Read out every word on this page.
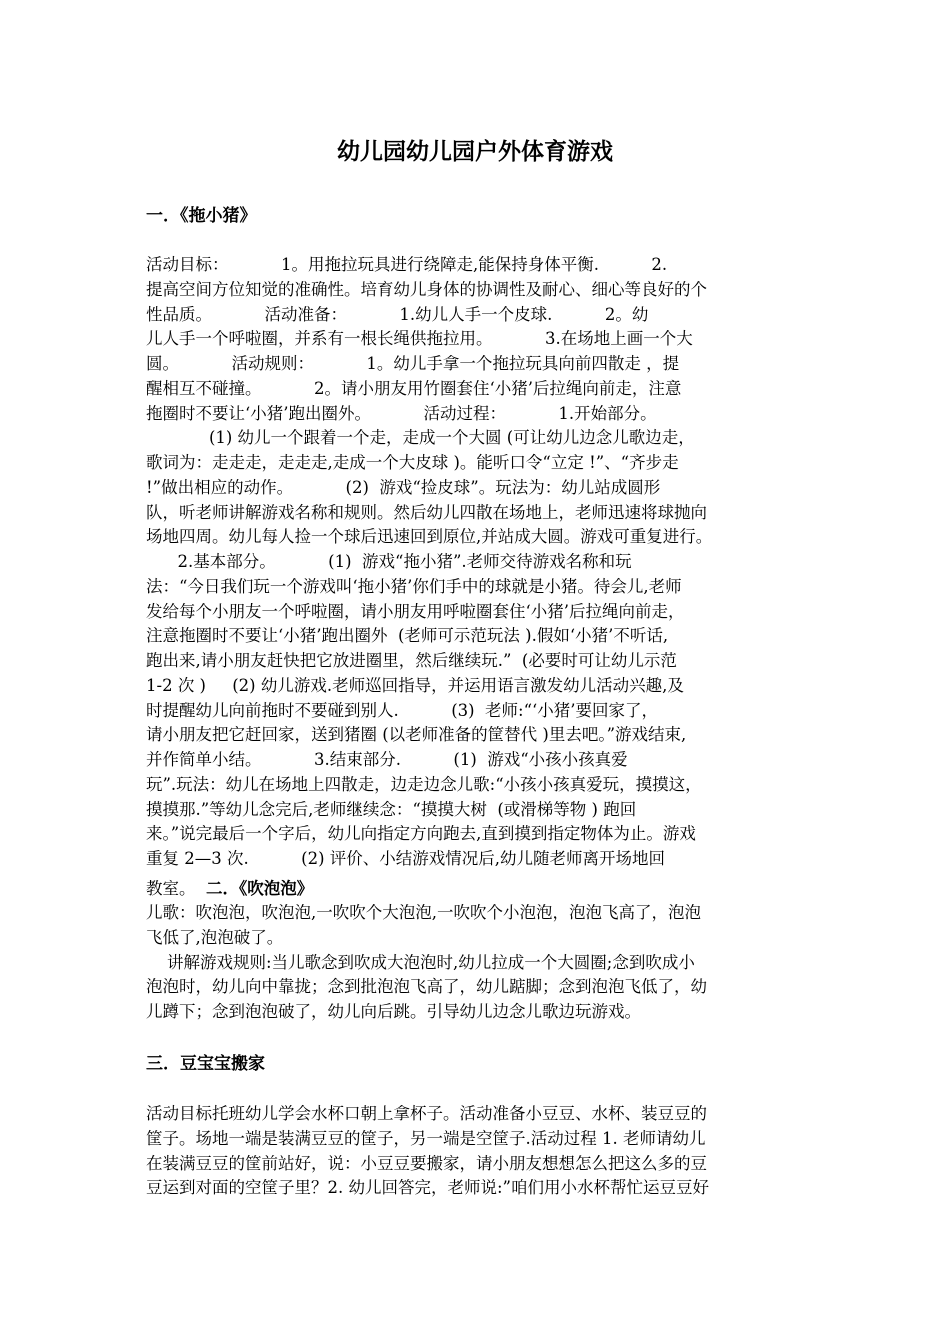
幼儿园幼儿园户外体育游戏
一．《拖小猪》
活动目标：          1。用拖拉玩具进行绕障走,能保持身体平衡.          2.
提高空间方位知觉的准确性。培育幼儿身体的协调性及耐心、细心等良好的个
性品质。          活动准备：          1.幼儿人手一个皮球.          2。幼
儿人手一个呼啦圈，并系有一根长绳供拖拉用。          3.在场地上画一个大
圆。          活动规则：          1。幼儿手拿一个拖拉玩具向前四散走 ，提
醒相互不碰撞。          2。请小朋友用竹圈套住‘小猪’后拉绳向前走，注意
拖圈时不要让‘小猪’跑出圈外。          活动过程：          1.开始部分。
(1) 幼儿一个跟着一个走，走成一个大圆 (可让幼儿边念儿歌边走，
歌词为：走走走，走走走,走成一个大皮球 )。能听口令“立定 !”、“齐步走
!”做出相应的动作。          (2)  游戏“捡皮球”。玩法为：幼儿站成圆形
队，听老师讲解游戏名称和规则。然后幼儿四散在场地上，老师迅速将球抛向
场地四周。幼儿每人捡一个球后迅速回到原位,并站成大圆。游戏可重复进行。
2.基本部分。          (1)  游戏“拖小猪”.老师交待游戏名称和玩
法：“今日我们玩一个游戏叫‘拖小猪’你们手中的球就是小猪。待会儿,老师
发给每个小朋友一个呼啦圈，请小朋友用呼啦圈套住‘小猪’后拉绳向前走，
注意拖圈时不要让‘小猪’跑出圈外  (老师可示范玩法 ).假如‘小猪’不听话,
跑出来,请小朋友赶快把它放进圈里，然后继续玩.”  (必要时可让幼儿示范
1-2 次 )     (2) 幼儿游戏.老师巡回指导，并运用语言激发幼儿活动兴趣,及
时提醒幼儿向前拖时不要碰到别人.          (3)  老师:“‘小猪’要回家了，
请小朋友把它赶回家，送到猪圈 (以老师准备的筐替代 )里去吧。”游戏结束,
并作简单小结。          3.结束部分.          (1)  游戏“小孩小孩真爱
玩”.玩法：幼儿在场地上四散走，边走边念儿歌:“小孩小孩真爱玩，摸摸这，
摸摸那.”等幼儿念完后,老师继续念：“摸摸大树  (或滑梯等物 ) 跑回
来。”说完最后一个字后，幼儿向指定方向跑去,直到摸到指定物体为止。游戏
重复 2—3 次.          (2) 评价、小结游戏情况后,幼儿随老师离开场地回
教室。  二．《吹泡泡》
儿歌：吹泡泡，吹泡泡,一吹吹个大泡泡,一吹吹个小泡泡，泡泡飞高了，泡泡
飞低了,泡泡破了。
讲解游戏规则:当儿歌念到吹成大泡泡时,幼儿拉成一个大圆圈;念到吹成小
泡泡时，幼儿向中靠拢；念到批泡泡飞高了，幼儿踮脚；念到泡泡飞低了，幼
儿蹲下；念到泡泡破了，幼儿向后跳。引导幼儿边念儿歌边玩游戏。
三．豆宝宝搬家
活动目标托班幼儿学会水杯口朝上拿杯子。活动准备小豆豆、水杯、装豆豆的
筐子。场地一端是装满豆豆的筐子，另一端是空筐子.活动过程 1. 老师请幼儿
在装满豆豆的筐前站好，说：小豆豆要搬家，请小朋友想想怎么把这么多的豆
豆运到对面的空筐子里？2. 幼儿回答完，老师说:”咱们用小水杯帮忙运豆豆好
